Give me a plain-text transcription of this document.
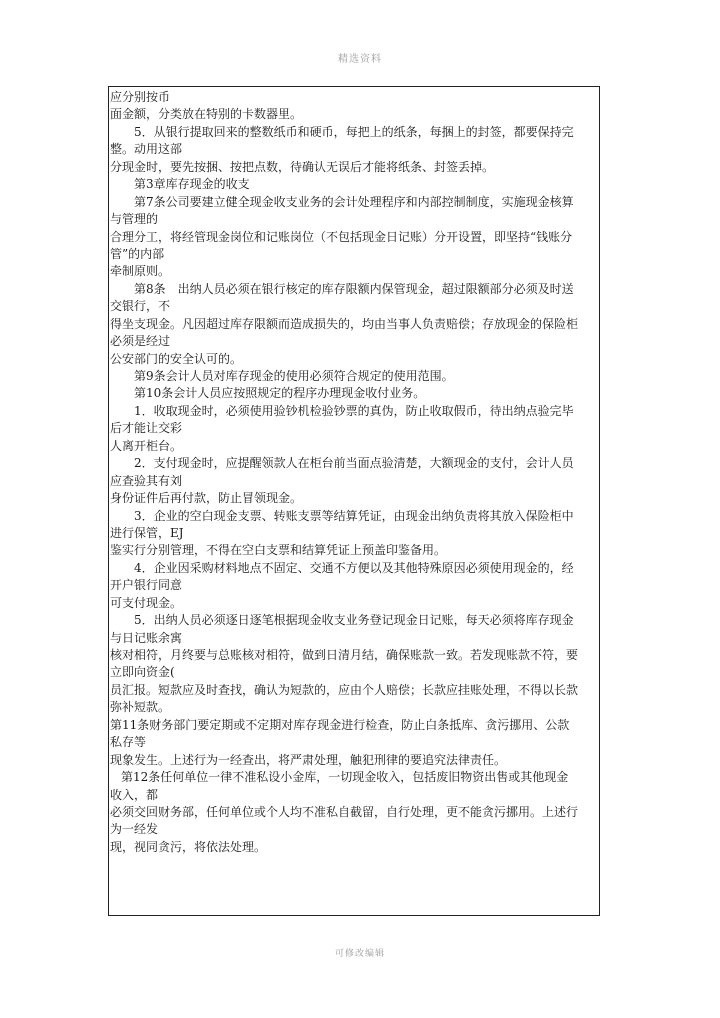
精选资料
应分别按币
面金额，分类放在特别的卡数器里。
5．从银行提取回来的整数纸币和硬币，每把上的纸条，每捆上的封签，都要保持完
整。动用这部
分现金时，要先按捆、按把点数，待确认无误后才能将纸条、封签丢掉。
第3章库存现金的收支
第7条公司要建立健全现金收支业务的会计处理程序和内部控制制度，实施现金核算
与管理的
合理分工，将经管现金岗位和记账岗位（不包括现金日记账）分开设置，即坚持“钱账分
管”的内部
牵制原则。
第8条　出纳人员必须在银行核定的库存限额内保管现金，超过限额部分必须及时送
交银行，不
得坐支现金。凡因超过库存限额而造成损失的，均由当事人负责赔偿；存放现金的保险柜
必须是经过
公安部门的安全认可的。
第9条会计人员对库存现金的使用必须符合规定的使用范围。
第10条会计人员应按照规定的程序办理现金收付业务。
1．收取现金时，必须使用验钞机检验钞票的真伪，防止收取假币，待出纳点验完毕
后才能让交彩
人离开柜台。
2．支付现金时，应提醒领款人在柜台前当面点验清楚，大额现金的支付，会计人员
应查验其有刘
身份证件后再付款，防止冒领现金。
3．企业的空白现金支票、转账支票等结算凭证，由现金出纳负责将其放入保险柜中
进行保管，EJ
鉴实行分别管理，不得在空白支票和结算凭证上预盖印鉴备用。
4．企业因采购材料地点不固定、交通不方便以及其他特殊原因必须使用现金的，经
开户银行同意
可支付现金。
5．出纳人员必须逐日逐笔根据现金收支业务登记现金日记账，每天必须将库存现金
与日记账余寓
核对相符，月终要与总账核对相符，做到日清月结，确保账款一致。若发现账款不符，要
立即向资金(
员汇报。短款应及时查找，确认为短款的，应由个人赔偿；长款应挂账处理，不得以长款
弥补短款。
第11条财务部门要定期或不定期对库存现金进行检查，防止白条抵库、贪污挪用、公款
私存等
现象发生。上述行为一经查出，将严肃处理，触犯刑律的要追究法律责任。
第12条任何单位一律不准私设小金库，一切现金收入，包括废旧物资出售或其他现金
收入，都
必须交回财务部，任何单位或个人均不准私自截留，自行处理，更不能贪污挪用。上述行
为一经发
现，视同贪污，将依法处理。
可修改编辑
